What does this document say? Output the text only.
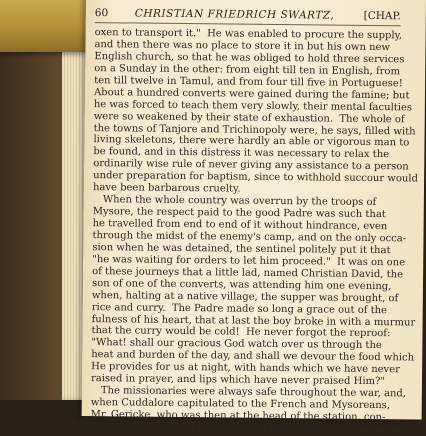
60	CHRISTIAN FRIEDRICH SWARTZ,	[CHAP.
oxen to transport it."  He was enabled to procure the supply,
and then there was no place to store it in but his own new
English church, so that he was obliged to hold three services
on a Sunday in the other: from eight till ten in English, from
ten till twelve in Tamul, and from four till five in Portuguese!
About a hundred converts were gained during the famine; but
he was forced to teach them very slowly, their mental faculties
were so weakened by their state of exhaustion.  The whole of
the towns of Tanjore and Trichinopoly were, he says, filled with
living skeletons, there were hardly an able or vigorous man to
be found, and in this distress it was necessary to relax the
ordinarily wise rule of never giving any assistance to a person
under preparation for baptism, since to withhold succour would
have been barbarous cruelty.
When the whole country was overrun by the troops of
Mysore, the respect paid to the good Padre was such that
he travelled from end to end of it without hindrance, even
through the midst of the enemy's camp, and on the only occa-
sion when he was detained, the sentinel politely put it that
"he was waiting for orders to let him proceed."  It was on one
of these journeys that a little lad, named Christian David, the
son of one of the converts, was attending him one evening,
when, halting at a native village, the supper was brought, of
rice and curry.  The Padre made so long a grace out of the
fulness of his heart, that at last the boy broke in with a murmur
that the curry would be cold!  He never forgot the reproof:
"What! shall our gracious God watch over us through the
heat and burden of the day, and shall we devour the food which
He provides for us at night, with hands which we have never
raised in prayer, and lips which have never praised Him?"
The missionaries were always safe throughout the war, and,
when Cuddalore capitulated to the French and Mysoreans,
Mr. Gericke, who was then at the head of the station, con-
cealed some English officers in his house, and likewise by his
